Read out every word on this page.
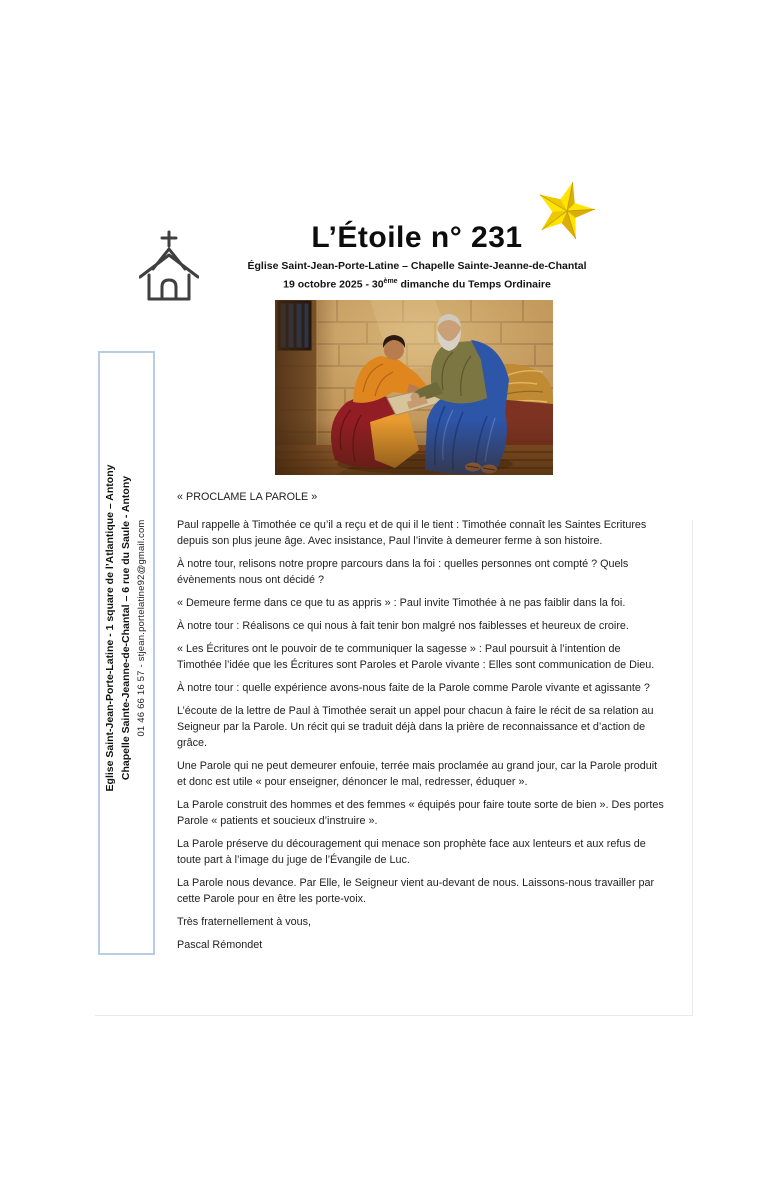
L’Étoile n° 231
Église Saint-Jean-Porte-Latine – Chapelle Sainte-Jeanne-de-Chantal
19 octobre 2025 - 30ème dimanche du Temps Ordinaire
Eglise Saint-Jean-Porte-Latine - 1 square de l’Atlantique – Antony Chapelle Sainte-Jeanne-de-Chantal – 6 rue du Saule - Antony 01 46 66 16 57 - stjean.portelatine92@gmail.com

« PROCLAME LA PAROLE »

Paul rappelle à Timothée ce qu’il a reçu et de qui il le tient : Timothée connaît les Saintes Ecritures depuis son plus jeune âge. Avec insistance, Paul l’invite à demeurer ferme à son histoire.

À notre tour, relisons notre propre parcours dans la foi : quelles personnes ont compté ? Quels évènements nous ont décidé ?

« Demeure ferme dans ce que tu as appris » : Paul invite Timothée à ne pas faiblir dans la foi.

À notre tour : Réalisons ce qui nous à fait tenir bon malgré nos faiblesses et heureux de croire.

« Les Écritures ont le pouvoir de te communiquer la sagesse » : Paul poursuit à l’intention de Timothée l’idée que les Écritures sont Paroles et Parole vivante : Elles sont communication de Dieu.

À notre tour : quelle expérience avons-nous faite de la Parole comme Parole vivante et agissante ?

L’écoute de la lettre de Paul à Timothée serait un appel pour chacun à faire le récit de sa relation au Seigneur par la Parole. Un récit qui se traduit déjà dans la prière de reconnaissance et d’action de grâce.

Une Parole qui ne peut demeurer enfouie, terrée mais proclamée au grand jour, car la Parole produit et donc est utile « pour enseigner, dénoncer le mal, redresser, éduquer ».

La Parole construit des hommes et des femmes « équipés pour faire toute sorte de bien ». Des portes Parole « patients et soucieux d’instruire ».

La Parole préserve du découragement qui menace son prophète face aux lenteurs et aux refus de toute part à l’image du juge de l’Évangile de Luc.

La Parole nous devance. Par Elle, le Seigneur vient au-devant de nous. Laissons-nous travailler par cette Parole pour en être les porte-voix.

Très fraternellement à vous,

Pascal Rémondet
